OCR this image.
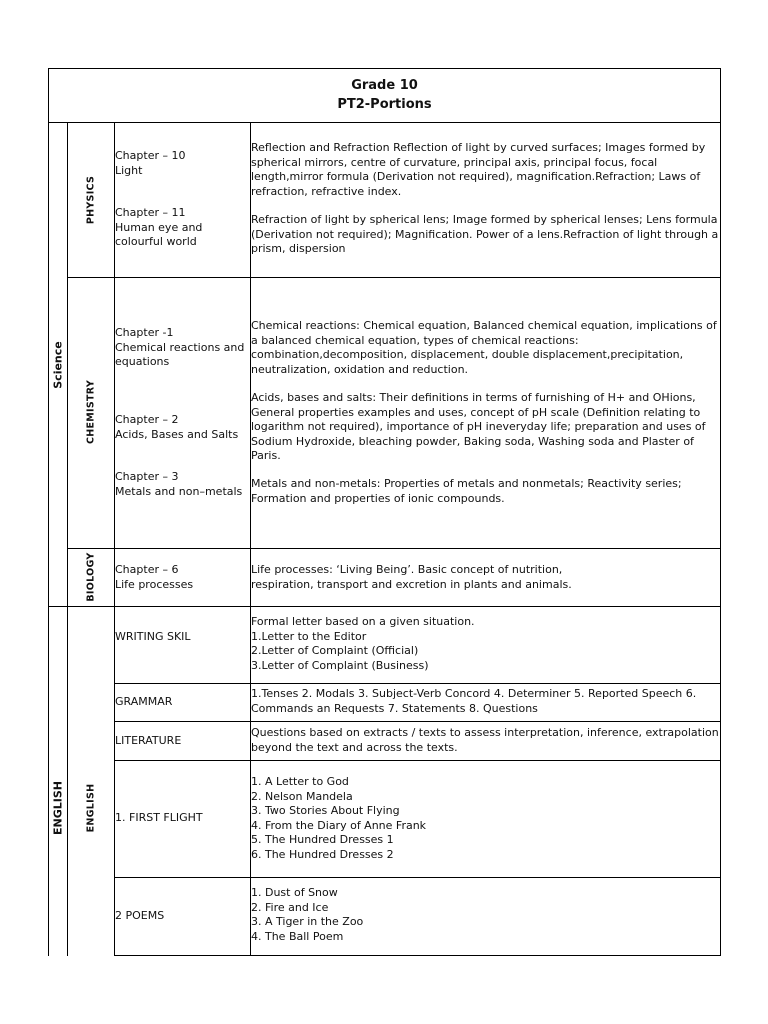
Grade 10
PT2-Portions
Science
ENGLISH
PHYSICS
CHEMISTRY
BIOLOGY
ENGLISH
Chapter – 10
Light
Chapter – 11
Human eye and
colourful world
Reflection and Refraction Reflection of light by curved surfaces; Images formed by spherical mirrors, centre of curvature, principal axis, principal focus, focal length,mirror formula (Derivation not required), magnification.Refraction; Laws of refraction, refractive index.
Refraction of light by spherical lens; Image formed by spherical lenses; Lens formula (Derivation not required); Magnification. Power of a lens.Refraction of light through a prism, dispersion
Chapter -1
Chemical reactions and
equations
Chapter – 2
Acids, Bases and Salts
Chapter – 3
Metals and non–metals
Chemical reactions: Chemical equation, Balanced chemical equation, implications of a balanced chemical equation, types of chemical reactions: combination,decomposition, displacement, double displacement,precipitation, neutralization, oxidation and reduction.
Acids, bases and salts: Their definitions in terms of furnishing of H+ and OHions, General properties examples and uses, concept of pH scale (Definition relating to logarithm not required), importance of pH ineveryday life; preparation and uses of Sodium Hydroxide, bleaching powder, Baking soda, Washing soda and Plaster of Paris.
Metals and non-metals: Properties of metals and nonmetals; Reactivity series; Formation and properties of ionic compounds.
Chapter – 6
Life processes
Life processes: ‘Living Being’. Basic concept of nutrition,
respiration, transport and excretion in plants and animals.
WRITING SKIL
Formal letter based on a given situation.
1.Letter to the Editor
2.Letter of Complaint (Official)
3.Letter of Complaint (Business)
GRAMMAR
1.Tenses 2. Modals 3. Subject-Verb Concord 4. Determiner 5. Reported Speech 6. Commands an Requests 7. Statements 8. Questions
LITERATURE
Questions based on extracts / texts to assess interpretation, inference, extrapolation beyond the text and across the texts.
1. FIRST FLIGHT
1. A Letter to God
2. Nelson Mandela
3. Two Stories About Flying
4. From the Diary of Anne Frank
5. The Hundred Dresses 1
6. The Hundred Dresses 2
2 POEMS
1. Dust of Snow
2. Fire and Ice
3. A Tiger in the Zoo
4. The Ball Poem
